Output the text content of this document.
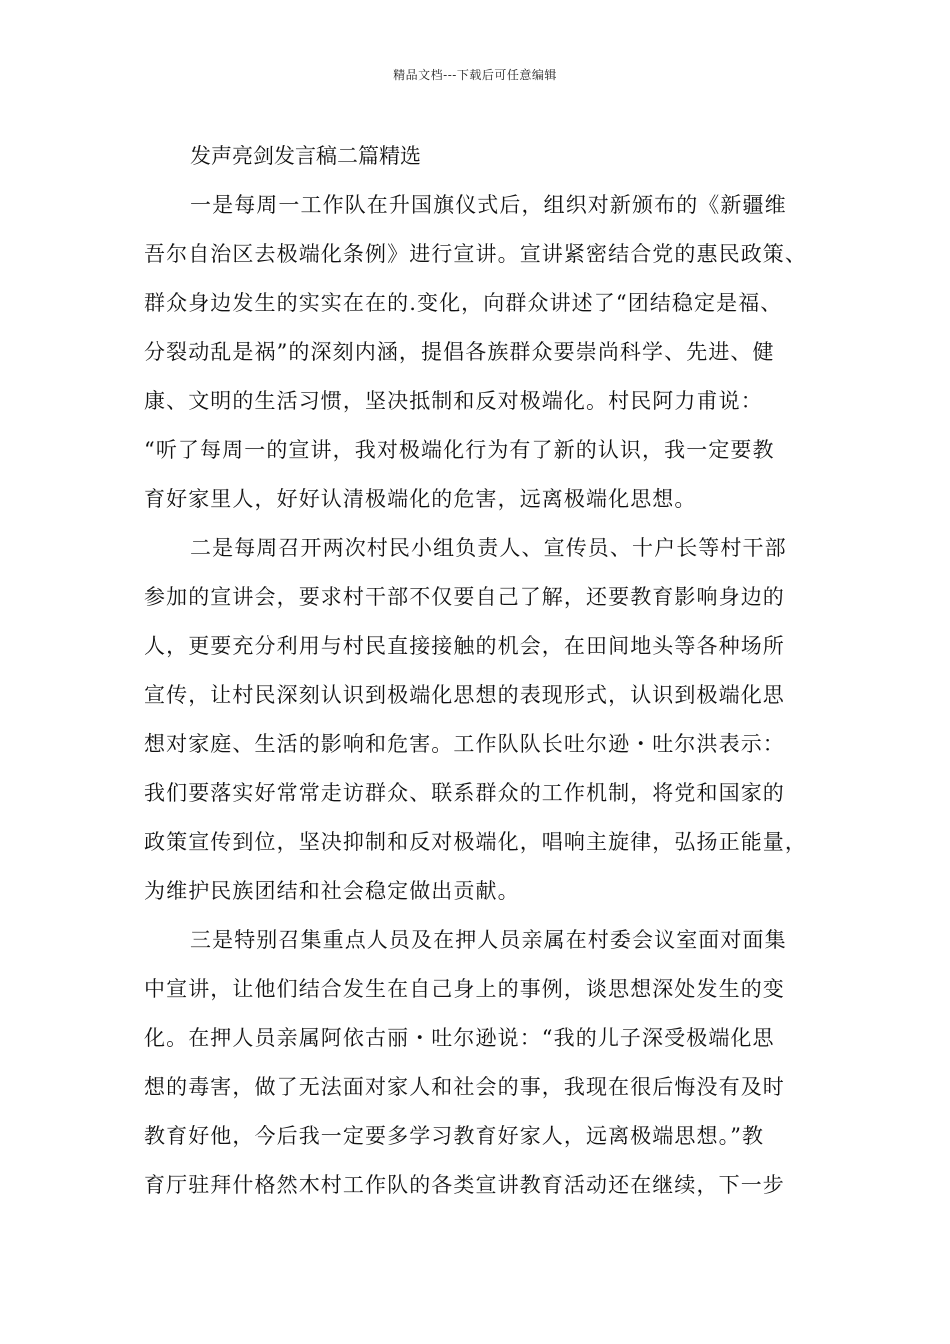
精品文档---下载后可任意编辑
发声亮剑发言稿二篇精选
一是每周一工作队在升国旗仪式后，组织对新颁布的《新疆维
吾尔自治区去极端化条例》进行宣讲。宣讲紧密结合党的惠民政策、
群众身边发生的实实在在的.变化，向群众讲述了“团结稳定是福、
分裂动乱是祸”的深刻内涵，提倡各族群众要崇尚科学、先进、健
康、文明的生活习惯，坚决抵制和反对极端化。村民阿力甫说：
“听了每周一的宣讲，我对极端化行为有了新的认识，我一定要教
育好家里人，好好认清极端化的危害，远离极端化思想。
二是每周召开两次村民小组负责人、宣传员、十户长等村干部
参加的宣讲会，要求村干部不仅要自己了解，还要教育影响身边的
人，更要充分利用与村民直接接触的机会，在田间地头等各种场所
宣传，让村民深刻认识到极端化思想的表现形式，认识到极端化思
想对家庭、生活的影响和危害。工作队队长吐尔逊・吐尔洪表示：
我们要落实好常常走访群众、联系群众的工作机制，将党和国家的
政策宣传到位，坚决抑制和反对极端化，唱响主旋律，弘扬正能量，
为维护民族团结和社会稳定做出贡献。
三是特别召集重点人员及在押人员亲属在村委会议室面对面集
中宣讲，让他们结合发生在自己身上的事例，谈思想深处发生的变
化。在押人员亲属阿依古丽・吐尔逊说：“我的儿子深受极端化思
想的毒害，做了无法面对家人和社会的事，我现在很后悔没有及时
教育好他，今后我一定要多学习教育好家人，远离极端思想。”教
育厅驻拜什格然木村工作队的各类宣讲教育活动还在继续，下一步
